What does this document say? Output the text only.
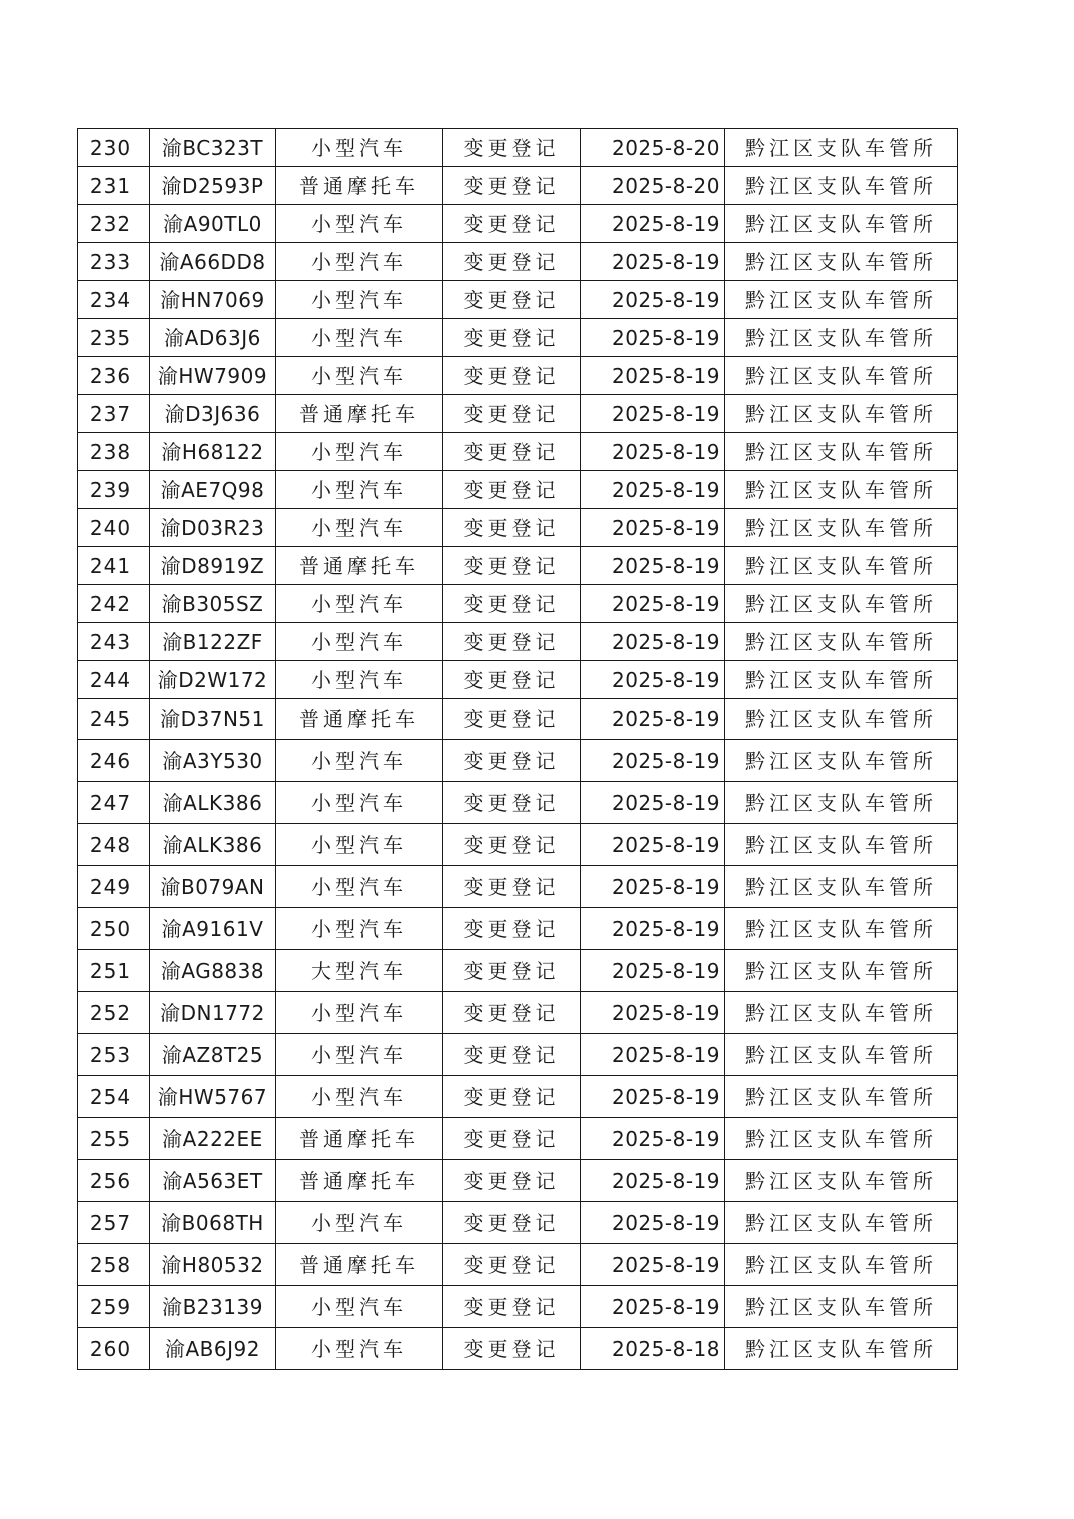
230	渝BC323T	小型汽车	变更登记	2025-8-20	黔江区支队车管所
231	渝D2593P	普通摩托车	变更登记	2025-8-20	黔江区支队车管所
232	渝A90TL0	小型汽车	变更登记	2025-8-19	黔江区支队车管所
233	渝A66DD8	小型汽车	变更登记	2025-8-19	黔江区支队车管所
234	渝HN7069	小型汽车	变更登记	2025-8-19	黔江区支队车管所
235	渝AD63J6	小型汽车	变更登记	2025-8-19	黔江区支队车管所
236	渝HW7909	小型汽车	变更登记	2025-8-19	黔江区支队车管所
237	渝D3J636	普通摩托车	变更登记	2025-8-19	黔江区支队车管所
238	渝H68122	小型汽车	变更登记	2025-8-19	黔江区支队车管所
239	渝AE7Q98	小型汽车	变更登记	2025-8-19	黔江区支队车管所
240	渝D03R23	小型汽车	变更登记	2025-8-19	黔江区支队车管所
241	渝D8919Z	普通摩托车	变更登记	2025-8-19	黔江区支队车管所
242	渝B305SZ	小型汽车	变更登记	2025-8-19	黔江区支队车管所
243	渝B122ZF	小型汽车	变更登记	2025-8-19	黔江区支队车管所
244	渝D2W172	小型汽车	变更登记	2025-8-19	黔江区支队车管所
245	渝D37N51	普通摩托车	变更登记	2025-8-19	黔江区支队车管所
246	渝A3Y530	小型汽车	变更登记	2025-8-19	黔江区支队车管所
247	渝ALK386	小型汽车	变更登记	2025-8-19	黔江区支队车管所
248	渝ALK386	小型汽车	变更登记	2025-8-19	黔江区支队车管所
249	渝B079AN	小型汽车	变更登记	2025-8-19	黔江区支队车管所
250	渝A9161V	小型汽车	变更登记	2025-8-19	黔江区支队车管所
251	渝AG8838	大型汽车	变更登记	2025-8-19	黔江区支队车管所
252	渝DN1772	小型汽车	变更登记	2025-8-19	黔江区支队车管所
253	渝AZ8T25	小型汽车	变更登记	2025-8-19	黔江区支队车管所
254	渝HW5767	小型汽车	变更登记	2025-8-19	黔江区支队车管所
255	渝A222EE	普通摩托车	变更登记	2025-8-19	黔江区支队车管所
256	渝A563ET	普通摩托车	变更登记	2025-8-19	黔江区支队车管所
257	渝B068TH	小型汽车	变更登记	2025-8-19	黔江区支队车管所
258	渝H80532	普通摩托车	变更登记	2025-8-19	黔江区支队车管所
259	渝B23139	小型汽车	变更登记	2025-8-19	黔江区支队车管所
260	渝AB6J92	小型汽车	变更登记	2025-8-18	黔江区支队车管所
